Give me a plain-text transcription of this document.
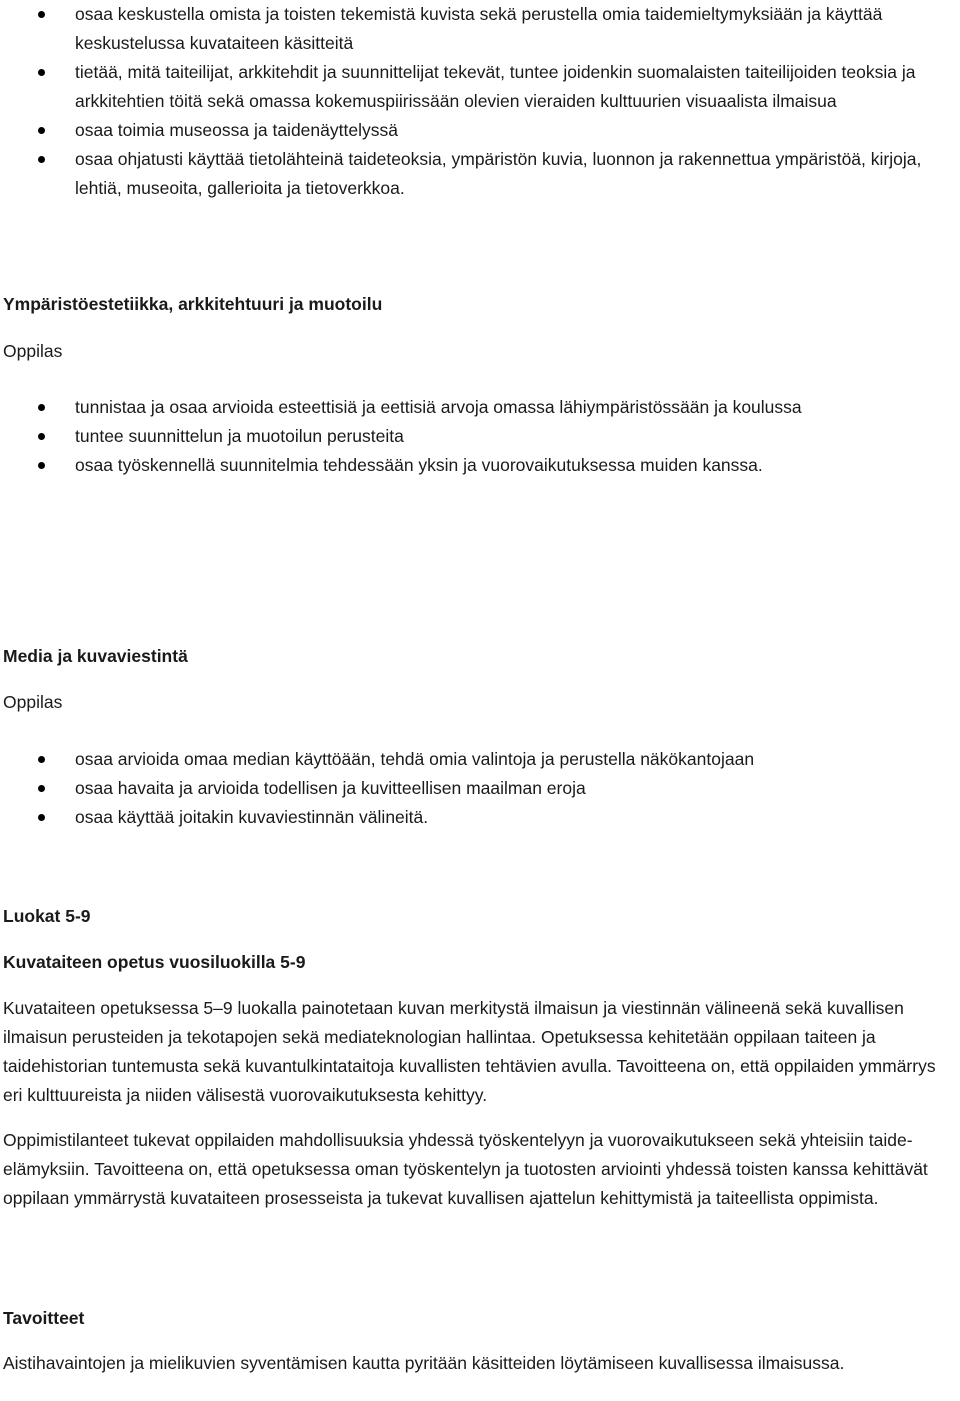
osaa keskustella omista ja toisten tekemistä kuvista sekä perustella omia taidemieltymyksiään ja käyttää keskustelussa kuvataiteen käsitteitä
tietää, mitä taiteilijat, arkkitehdit ja suunnittelijat tekevät, tuntee joidenkin suomalaisten taiteilijoiden teoksia ja arkkitehtien töitä sekä omassa kokemuspiirissään olevien vieraiden kulttuurien visuaalista ilmaisua
osaa toimia museossa ja taidenäyttelyssä
osaa ohjatusti käyttää tietolähteinä taideteoksia, ympäristön kuvia, luonnon ja rakennettua ympäristöä, kirjoja, lehtiä, museoita, gallerioita ja tietoverkkoa.

Ympäristöestetiikka, arkkitehtuuri ja muotoilu

Oppilas

tunnistaa ja osaa arvioida esteettisiä ja eettisiä arvoja omassa lähiympäristössään ja koulussa
tuntee suunnittelun ja muotoilun perusteita
osaa työskennellä suunnitelmia tehdessään yksin ja vuorovaikutuksessa muiden kanssa.

Media ja kuvaviestintä

Oppilas

osaa arvioida omaa median käyttöään, tehdä omia valintoja ja perustella näkökantojaan
osaa havaita ja arvioida todellisen ja kuvitteellisen maailman eroja
osaa käyttää joitakin kuvaviestinnän välineitä.

Luokat 5-9

Kuvataiteen opetus vuosiluokilla 5-9

Kuvataiteen opetuksessa 5–9 luokalla painotetaan kuvan merkitystä ilmaisun ja viestinnän välineenä sekä kuvallisen ilmaisun perusteiden ja tekotapojen sekä mediateknologian hallintaa. Opetuksessa kehitetään oppilaan taiteen ja taidehistorian tuntemusta sekä kuvantulkintataitoja kuvallisten tehtävien avulla. Tavoitteena on, että oppilaiden ymmärrys eri kulttuureista ja niiden välisestä vuorovaikutuksesta kehittyy.

Oppimistilanteet tukevat oppilaiden mahdollisuuksia yhdessä työskentelyyn ja vuorovaikutukseen sekä yhteisiin taide-elämyksiin. Tavoitteena on, että opetuksessa oman työskentelyn ja tuotosten arviointi yhdessä toisten kanssa kehittävät oppilaan ymmärrystä kuvataiteen prosesseista ja tukevat kuvallisen ajattelun kehittymistä ja taiteellista oppimista.

Tavoitteet

Aistihavaintojen ja mielikuvien syventämisen kautta pyritään käsitteiden löytämiseen kuvallisessa ilmaisussa.
